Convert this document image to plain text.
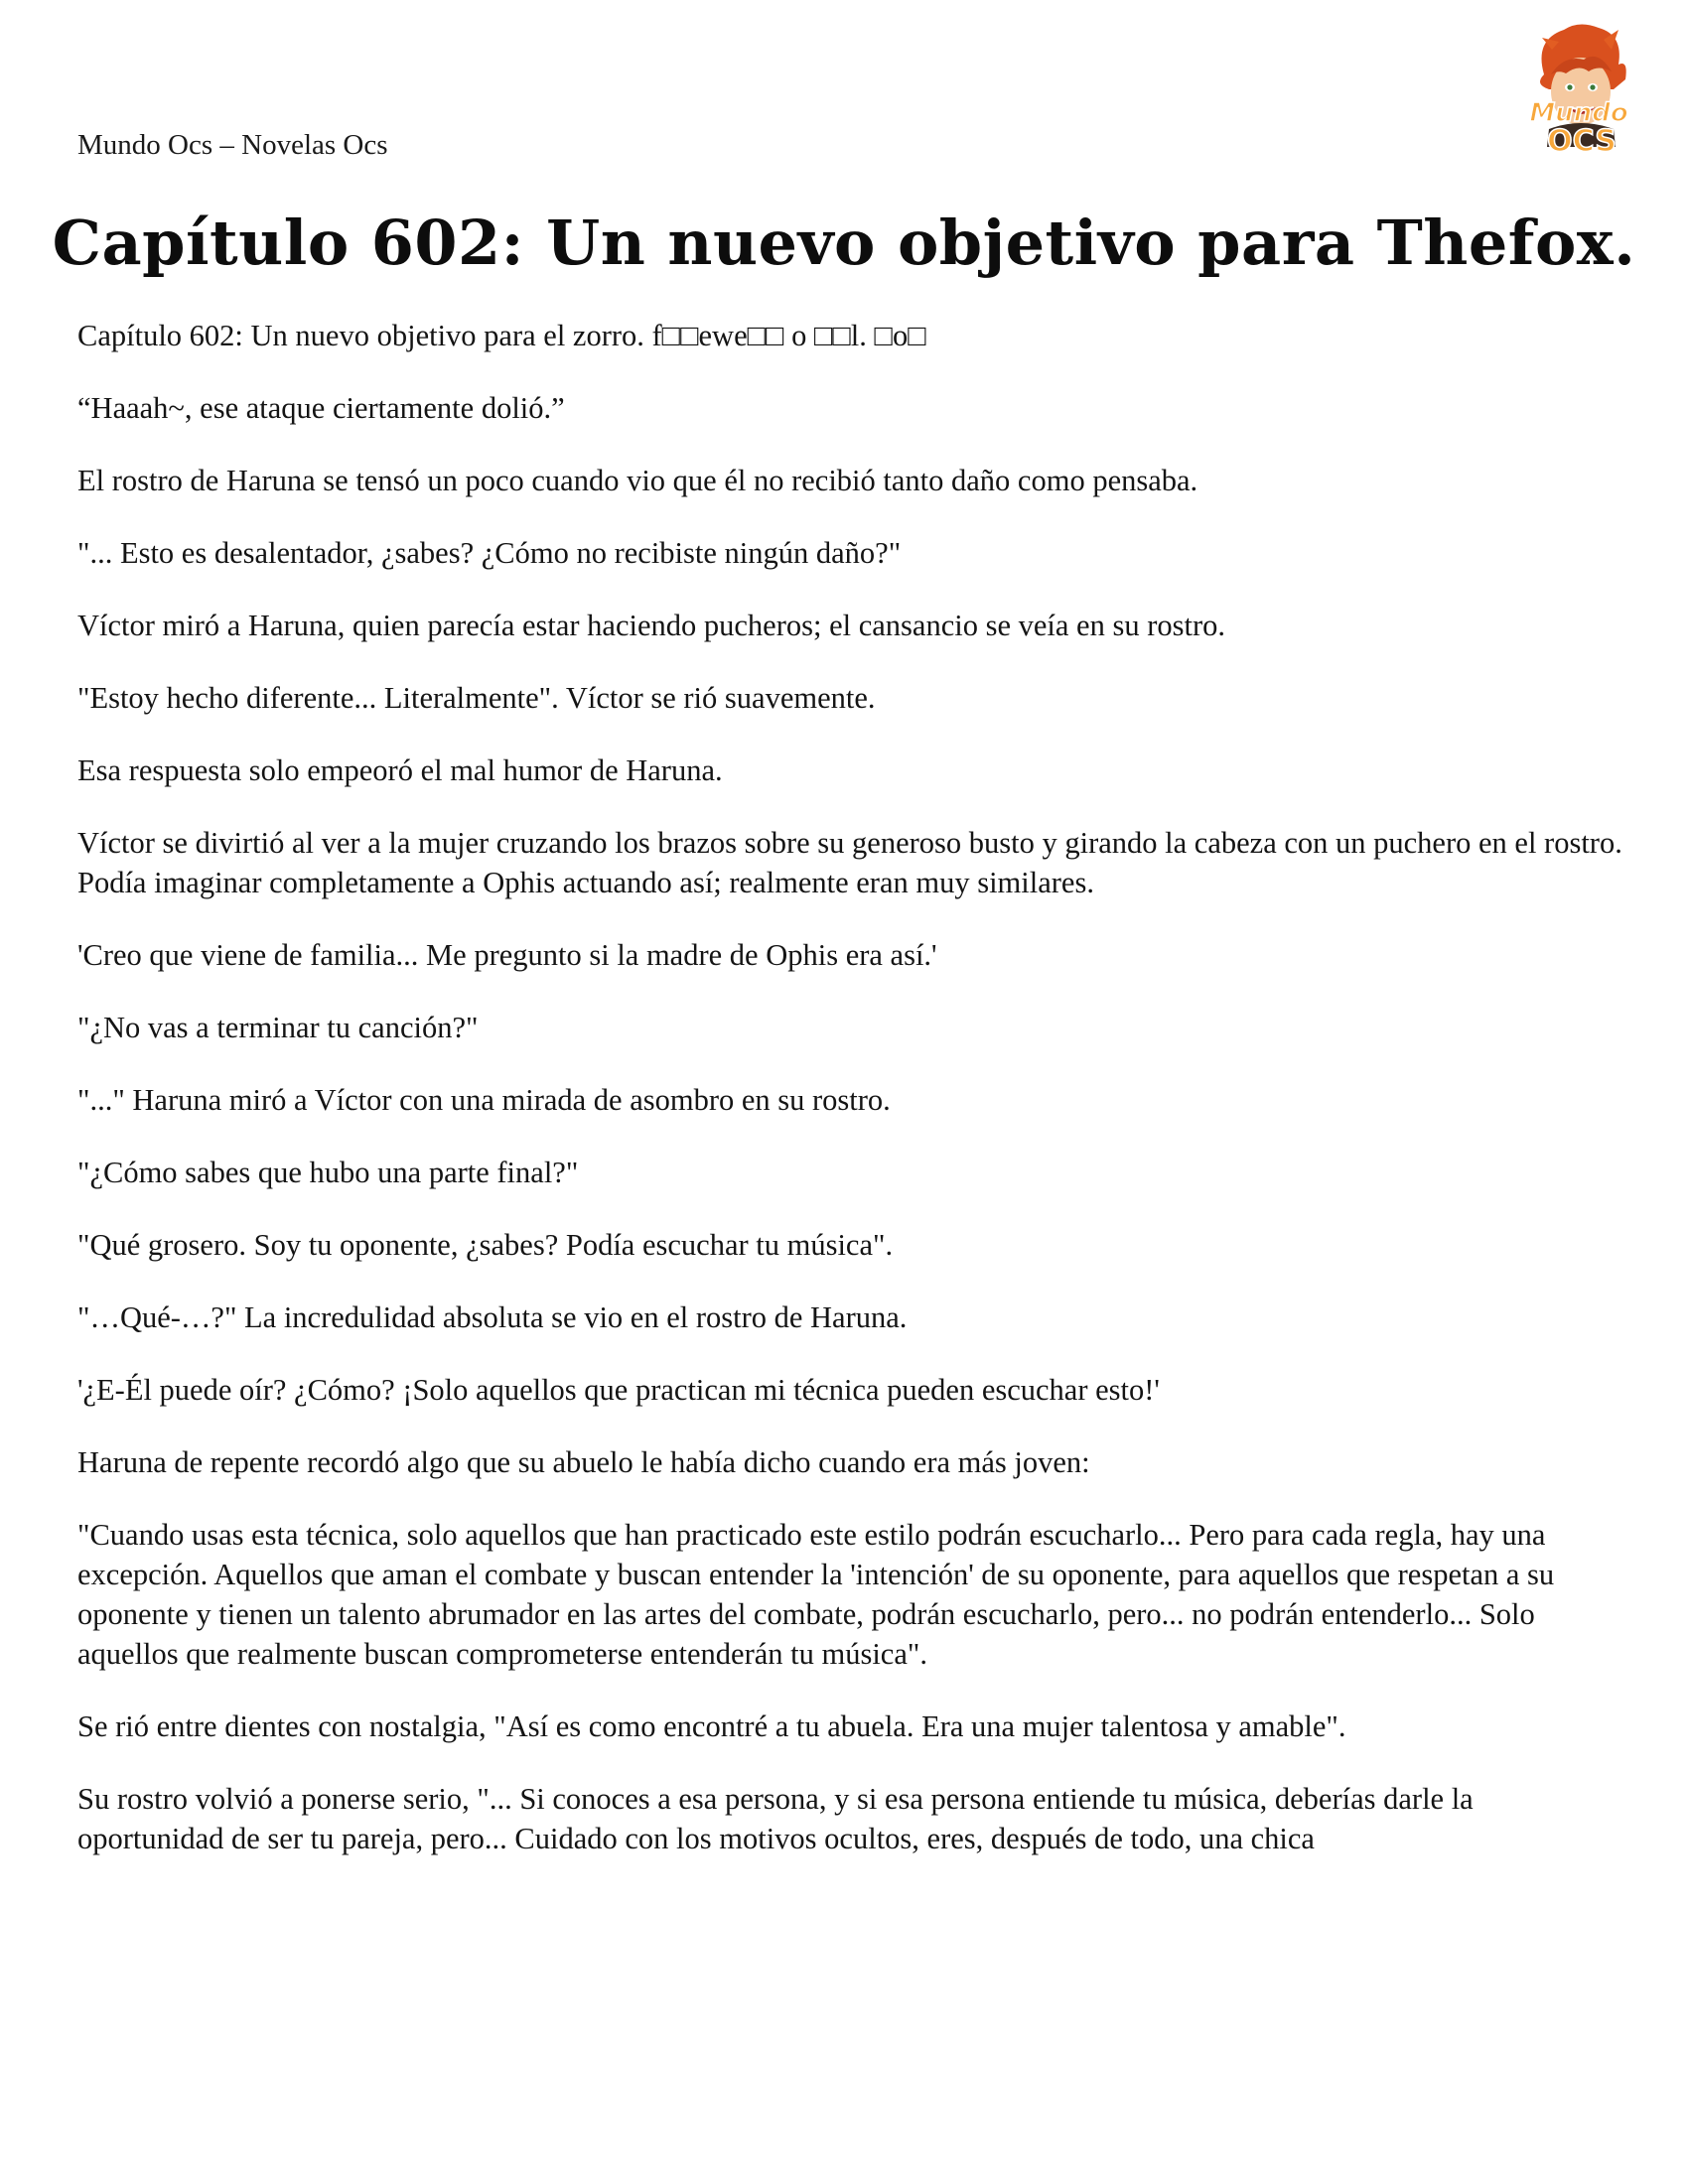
Mundo Ocs – Novelas Ocs
Mundo
OCS
Capítulo 602: Un nuevo objetivo para Thefox.

Capítulo 602: Un nuevo objetivo para el zorro. f□□ewe□□ o □□l. □o□

“Haaah~, ese ataque ciertamente dolió.”

El rostro de Haruna se tensó un poco cuando vio que él no recibió tanto daño como pensaba.

"... Esto es desalentador, ¿sabes? ¿Cómo no recibiste ningún daño?"

Víctor miró a Haruna, quien parecía estar haciendo pucheros; el cansancio se veía en su rostro.

"Estoy hecho diferente... Literalmente". Víctor se rió suavemente.

Esa respuesta solo empeoró el mal humor de Haruna.

Víctor se divirtió al ver a la mujer cruzando los brazos sobre su generoso busto y girando la cabeza con un puchero en el rostro. Podía imaginar completamente a Ophis actuando así; realmente eran muy similares.

'Creo que viene de familia... Me pregunto si la madre de Ophis era así.'

"¿No vas a terminar tu canción?"

"..." Haruna miró a Víctor con una mirada de asombro en su rostro.

"¿Cómo sabes que hubo una parte final?"

"Qué grosero. Soy tu oponente, ¿sabes? Podía escuchar tu música".

"…Qué-…?" La incredulidad absoluta se vio en el rostro de Haruna.

'¿E-Él puede oír? ¿Cómo? ¡Solo aquellos que practican mi técnica pueden escuchar esto!'

Haruna de repente recordó algo que su abuelo le había dicho cuando era más joven:

"Cuando usas esta técnica, solo aquellos que han practicado este estilo podrán escucharlo... Pero para cada regla, hay una excepción. Aquellos que aman el combate y buscan entender la 'intención' de su oponente, para aquellos que respetan a su oponente y tienen un talento abrumador en las artes del combate, podrán escucharlo, pero... no podrán entenderlo... Solo aquellos que realmente buscan comprometerse entenderán tu música".

Se rió entre dientes con nostalgia, "Así es como encontré a tu abuela. Era una mujer talentosa y amable".

Su rostro volvió a ponerse serio, "... Si conoces a esa persona, y si esa persona entiende tu música, deberías darle la oportunidad de ser tu pareja, pero... Cuidado con los motivos ocultos, eres, después de todo, una chica
